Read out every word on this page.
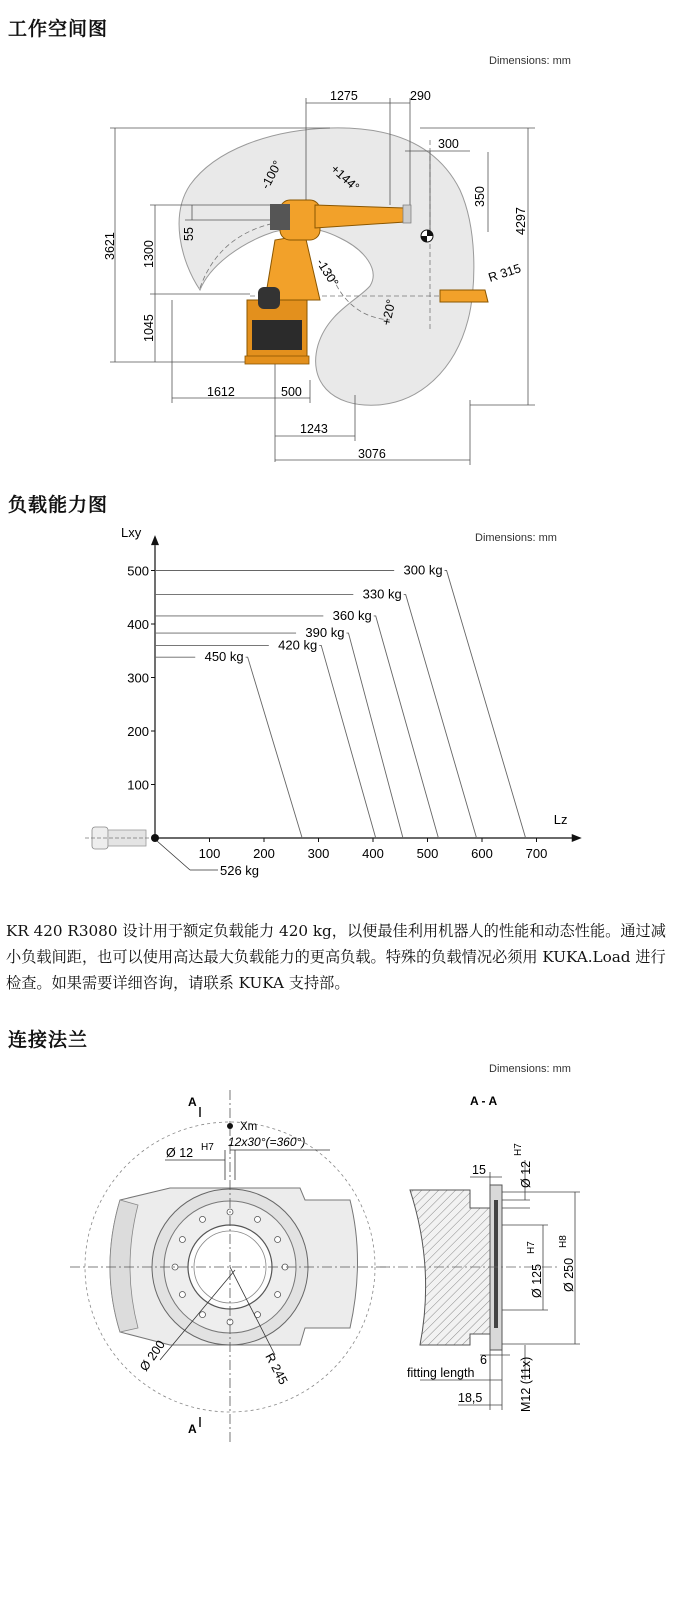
工作空间图
Dimensions: mm
1275	290
300
350
4297
3621 1300
55
1045
1612	500
1243
3076
-100°	+144°
-130°
+20°
R 315
负载能力图
Dimensions: mm
100	200	300	400	500	600	700
100
200
300
400
500
Lz
Lxy
300 kg
330 kg
360 kg
390 kg
420 kg
450 kg
526 kg
KR 420 R3080 设计用于额定负载能力 420 kg，以便最佳利用机器人的性能和动态性能。通过减小负载间距，也可以使用高达最大负载能力的更高负载。特殊的负载情况必须用 KUKA.Load 进行检查。如果需要详细咨询，请联系 KUKA 支持部。
连接法兰
Dimensions: mm
A
A
Xm
Ø 12 H7 12x30°(=360°)
Ø 200	R 245
A - A
15	Ø 12
H7
Ø 125
H7
Ø 250
H8
6
fitting length
18,5	M12 (11x)
